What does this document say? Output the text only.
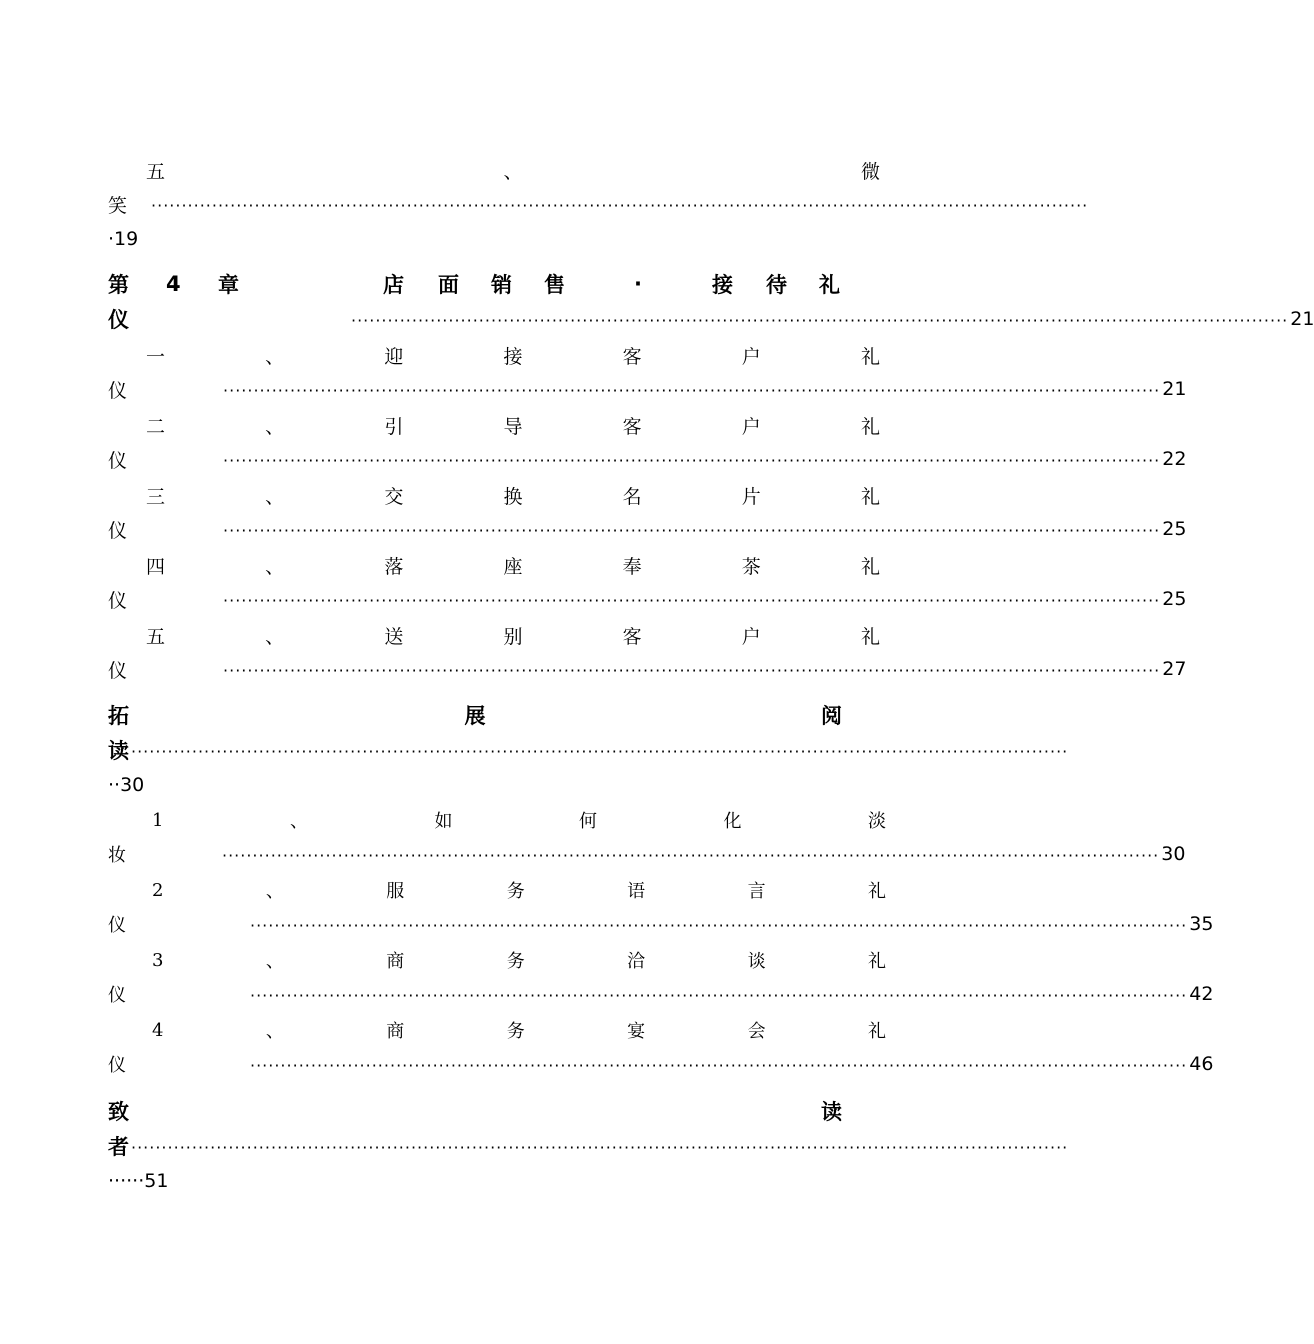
五	、	微
笑 ··························································································································································
·19
第 4 章	店 面 销 售	·	接 待 礼
仪	·························································································································································· 21
一	、	迎	接	客	户	礼
仪	·························································································································································· 21
二	、	引	导	客	户	礼
仪	·························································································································································· 22
三	、	交	换	名	片	礼
仪	·························································································································································· 25
四	、	落	座	奉	茶	礼
仪	·························································································································································· 25
五	、	送	别	客	户	礼
仪	·························································································································································· 27
拓	展	阅
读 ··························································································································································
··30
1	、	如	何	化	淡
妆	·························································································································································· 30
2	、	服	务	语	言	礼
仪	·························································································································································· 35
3	、	商	务	洽	谈	礼
仪	·························································································································································· 42
4	、	商	务	宴	会	礼
仪	·························································································································································· 46
致	读
者 ··························································································································································
······51
